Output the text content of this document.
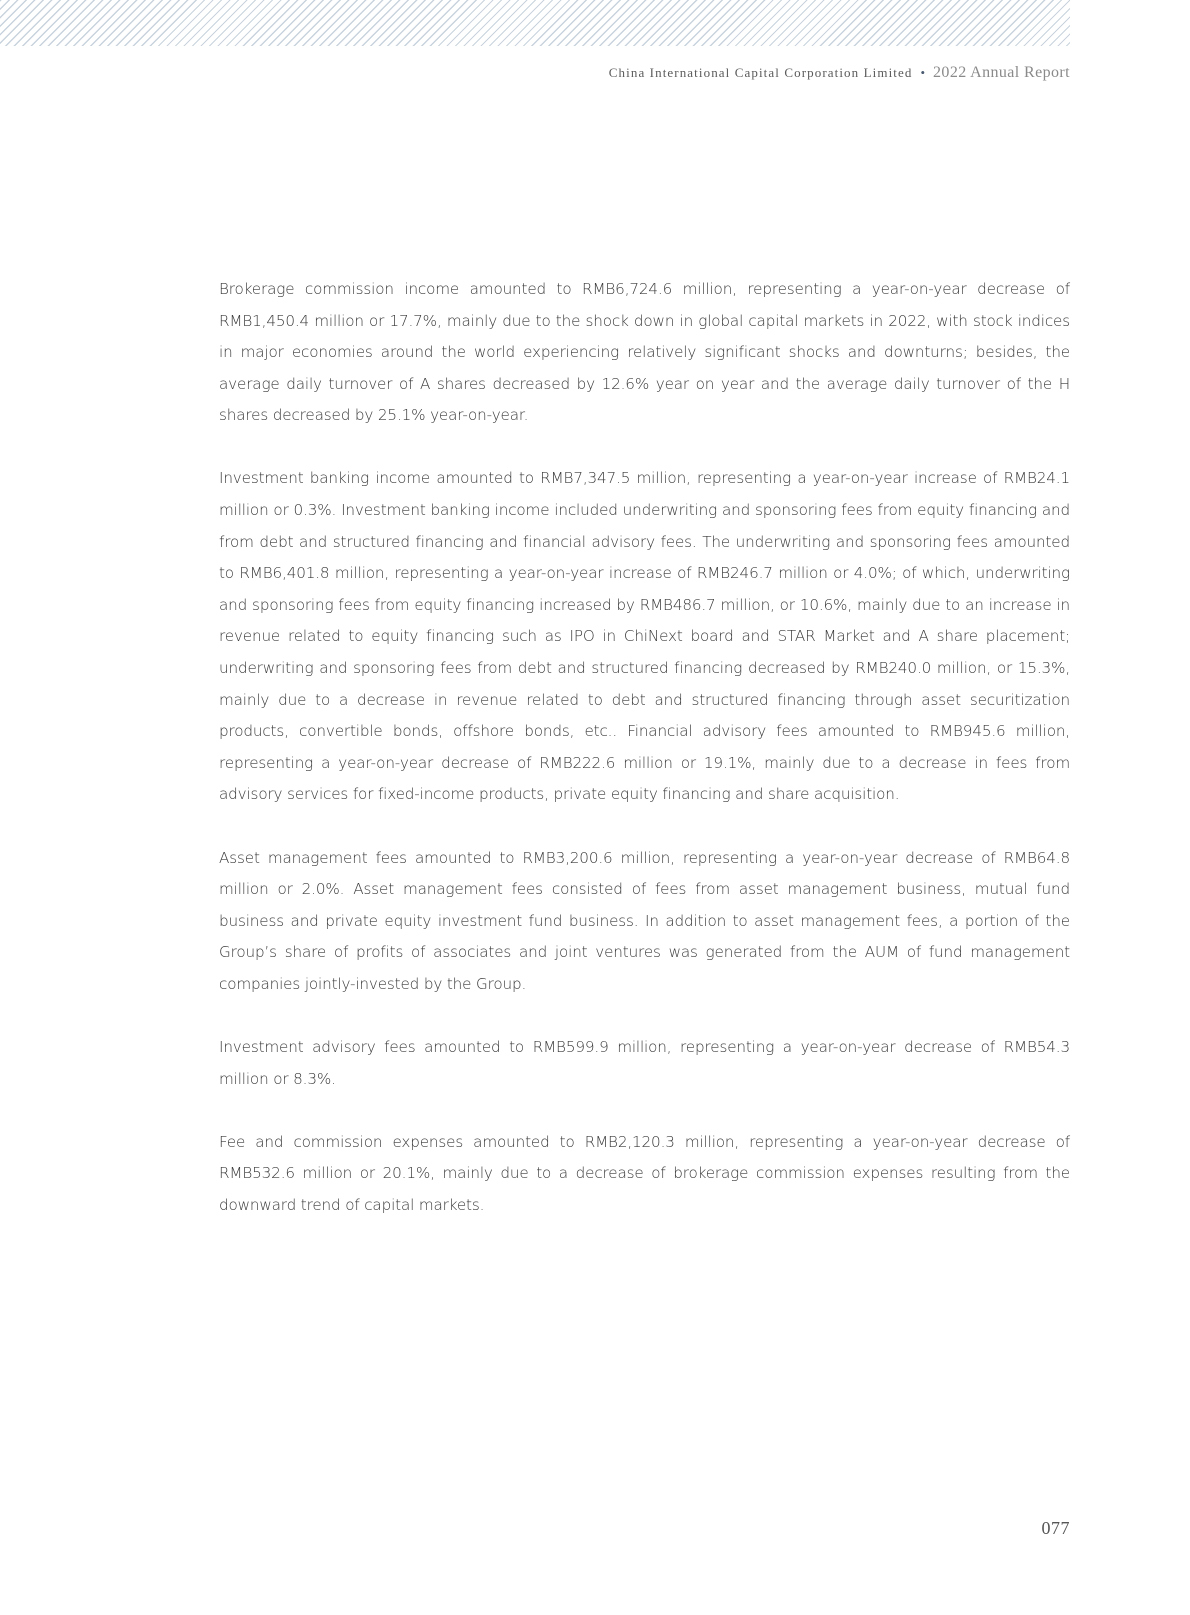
China International Capital Corporation Limited • 2022 Annual Report

Brokerage commission income amounted to RMB6,724.6 million, representing a year-on-year decrease of RMB1,450.4 million or 17.7%, mainly due to the shock down in global capital markets in 2022, with stock indices in major economies around the world experiencing relatively significant shocks and downturns; besides, the average daily turnover of A shares decreased by 12.6% year on year and the average daily turnover of the H shares decreased by 25.1% year-on-year.

Investment banking income amounted to RMB7,347.5 million, representing a year-on-year increase of RMB24.1 million or 0.3%. Investment banking income included underwriting and sponsoring fees from equity financing and from debt and structured financing and financial advisory fees. The underwriting and sponsoring fees amounted to RMB6,401.8 million, representing a year-on-year increase of RMB246.7 million or 4.0%; of which, underwriting and sponsoring fees from equity financing increased by RMB486.7 million, or 10.6%, mainly due to an increase in revenue related to equity financing such as IPO in ChiNext board and STAR Market and A share placement; underwriting and sponsoring fees from debt and structured financing decreased by RMB240.0 million, or 15.3%, mainly due to a decrease in revenue related to debt and structured financing through asset securitization products, convertible bonds, offshore bonds, etc.. Financial advisory fees amounted to RMB945.6 million, representing a year-on-year decrease of RMB222.6 million or 19.1%, mainly due to a decrease in fees from advisory services for fixed-income products, private equity financing and share acquisition.

Asset management fees amounted to RMB3,200.6 million, representing a year-on-year decrease of RMB64.8 million or 2.0%. Asset management fees consisted of fees from asset management business, mutual fund business and private equity investment fund business. In addition to asset management fees, a portion of the Group’s share of profits of associates and joint ventures was generated from the AUM of fund management companies jointly-invested by the Group.

Investment advisory fees amounted to RMB599.9 million, representing a year-on-year decrease of RMB54.3 million or 8.3%.

Fee and commission expenses amounted to RMB2,120.3 million, representing a year-on-year decrease of RMB532.6 million or 20.1%, mainly due to a decrease of brokerage commission expenses resulting from the downward trend of capital markets.

077
